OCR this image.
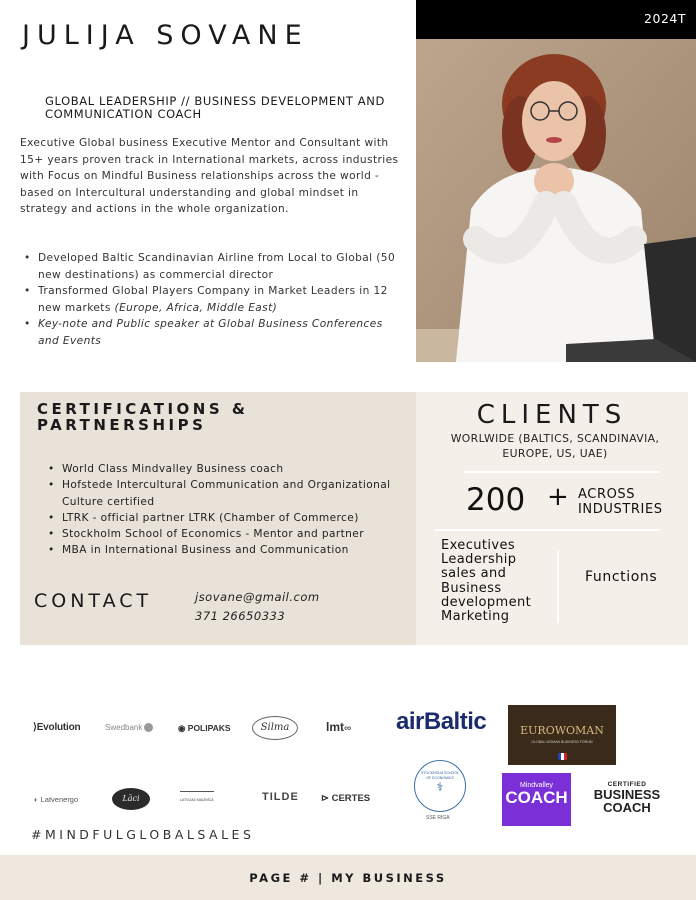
JULIJA SOVANE
GLOBAL LEADERSHIP // BUSINESS DEVELOPMENT AND COMMUNICATION COACH

Executive Global business Executive Mentor and Consultant with 15+ years proven track in International markets, across industries with Focus on Mindful Business relationships across the world - based on Intercultural understanding and global mindset in strategy and actions in the whole organization.

• Developed Baltic Scandinavian Airline from Local to Global (50 new destinations) as commercial director
• Transformed Global Players Company in Market Leaders in 12 new markets (Europe, Africa, Middle East)
• Key-note and Public speaker at Global Business Conferences and Events
2024T
CERTIFICATIONS & PARTNERSHIPS
• World Class Mindvalley Business coach
• Hofstede Intercultural Communication and Organizational Culture certified
• LTRK - official partner LTRK (Chamber of Commerce)
• Stockholm School of Economics - Mentor and partner
• MBA in International Business and Communication
CONTACT	jsovane@gmail.com
371 26650333
CLIENTS
WORLWIDE (BALTICS, SCANDINAVIA, EUROPE, US, UAE)
200 + ACROSS INDUSTRIES
Executives Leadership sales and Business development Marketing
Functions
⟩Evolution	Swedbank	◉ POLIPAKS	Silma	lmt∞ airBaltic	EUROWOMAN
GLOBAL WOMAN BUSINESS FORUM
◐ Latvenergo	Lāci	LATVIJAS MAIZNĪCA	TILDE ⊳ CERTES
STOCKHOLM SCHOOL OF ECONOMICS
⚕
SSE RIGA
Mindvalley
COACH
CERTIFIED
BUSINESS
COACH
#MINDFULGLOBALSALES
PAGE # | MY BUSINESS
